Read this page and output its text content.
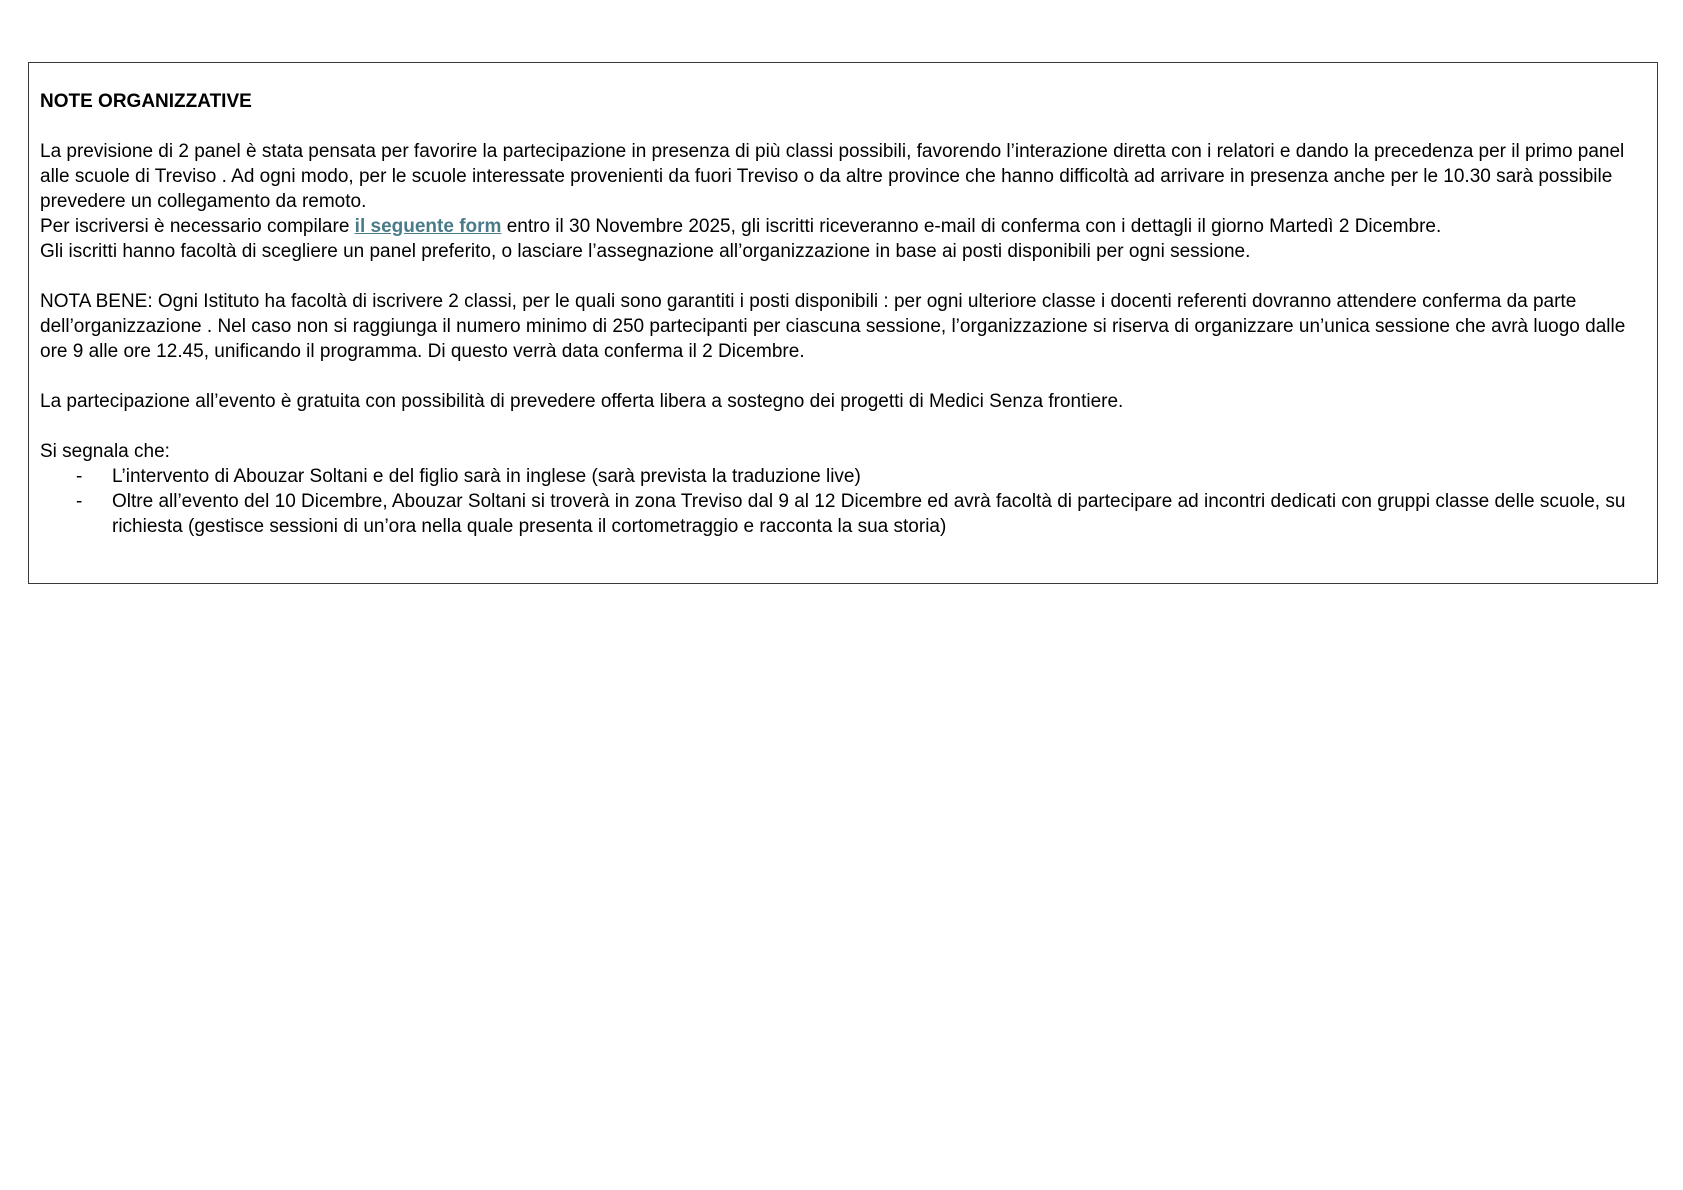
NOTE ORGANIZZATIVE

La previsione di 2 panel è stata pensata per favorire la partecipazione in presenza di più classi possibili, favorendo l’interazione diretta con i relatori e dando la precedenza per il primo panel alle scuole di Treviso . Ad ogni modo, per le scuole interessate provenienti da fuori Treviso o da altre province che hanno difficoltà ad arrivare in presenza anche per le 10.30 sarà possibile prevedere un collegamento da remoto.

Per iscriversi è necessario compilare il seguente form entro il 30 Novembre 2025, gli iscritti riceveranno e-mail di conferma con i dettagli il giorno Martedì 2 Dicembre.

Gli iscritti hanno facoltà di scegliere un panel preferito, o lasciare l’assegnazione all’organizzazione in base ai posti disponibili per ogni sessione.

NOTA BENE: Ogni Istituto ha facoltà di iscrivere 2 classi, per le quali sono garantiti i posti disponibili : per ogni ulteriore classe i docenti referenti dovranno attendere conferma da parte dell’organizzazione . Nel caso non si raggiunga il numero minimo di 250 partecipanti per ciascuna sessione, l’organizzazione si riserva di organizzare un’unica sessione che avrà luogo dalle ore 9 alle ore 12.45, unificando il programma. Di questo verrà data conferma il 2 Dicembre.

La partecipazione all’evento è gratuita con possibilità di prevedere offerta libera a sostegno dei progetti di Medici Senza frontiere.

Si segnala che:

- L’intervento di Abouzar Soltani e del figlio sarà in inglese (sarà prevista la traduzione live)
- Oltre all’evento del 10 Dicembre, Abouzar Soltani si troverà in zona Treviso dal 9 al 12 Dicembre ed avrà facoltà di partecipare ad incontri dedicati con gruppi classe delle scuole, su richiesta (gestisce sessioni di un’ora nella quale presenta il cortometraggio e racconta la sua storia)
